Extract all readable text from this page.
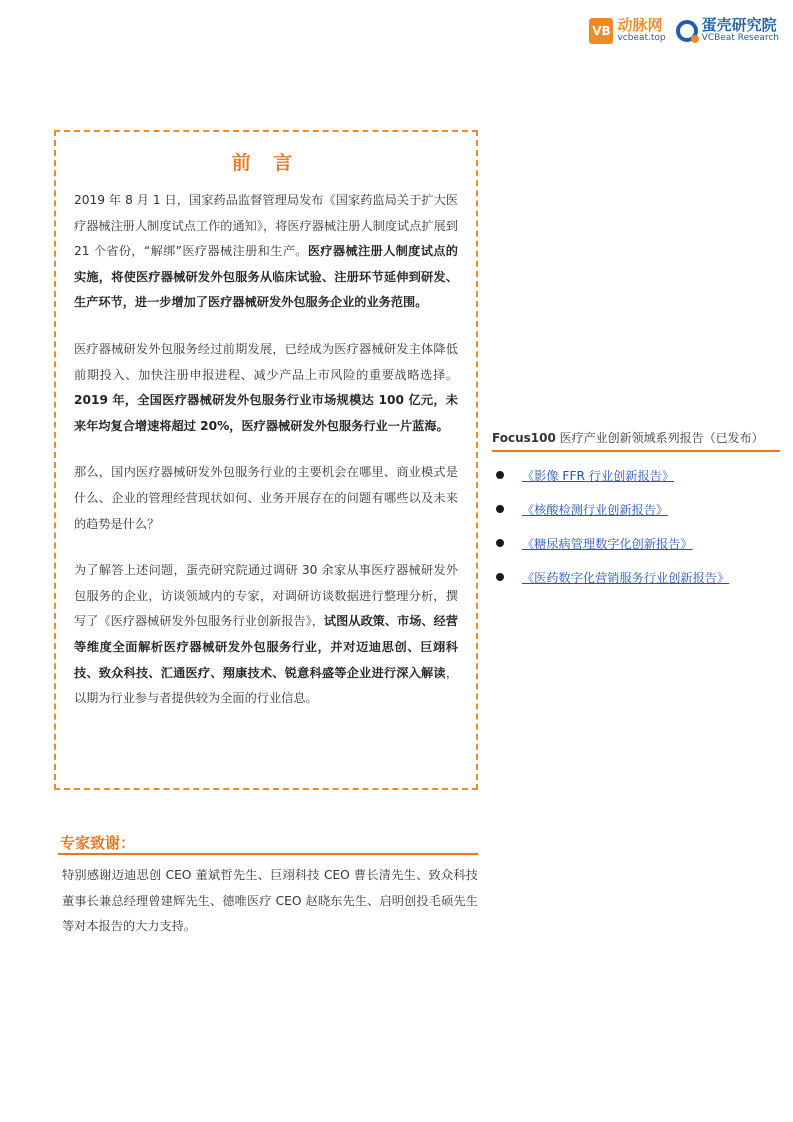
VB 动脉网
vcbeat.top
蛋壳研究院
VCBeat Research
前 言

2019 年 8 月 1 日，国家药品监督管理局发布《国家药监局关于扩大医疗器械注册人制度试点工作的通知》，将医疗器械注册人制度试点扩展到 21 个省份，“解绑”医疗器械注册和生产。医疗器械注册人制度试点的实施，将使医疗器械研发外包服务从临床试验、注册环节延伸到研发、生产环节，进一步增加了医疗器械研发外包服务企业的业务范围。

医疗器械研发外包服务经过前期发展，已经成为医疗器械研发主体降低前期投入、加快注册申报进程、减少产品上市风险的重要战略选择。2019 年，全国医疗器械研发外包服务行业市场规模达 100 亿元，未来年均复合增速将超过 20%，医疗器械研发外包服务行业一片蓝海。

那么，国内医疗器械研发外包服务行业的主要机会在哪里、商业模式是什么、企业的管理经营现状如何、业务开展存在的问题有哪些以及未来的趋势是什么？

为了解答上述问题，蛋壳研究院通过调研 30 余家从事医疗器械研发外包服务的企业，访谈领域内的专家，对调研访谈数据进行整理分析，撰写了《医疗器械研发外包服务行业创新报告》，试图从政策、市场、经营等维度全面解析医疗器械研发外包服务行业，并对迈迪思创、巨翊科技、致众科技、汇通医疗、翔康技术、锐意科盛等企业进行深入解读，以期为行业参与者提供较为全面的行业信息。

专家致谢：
特别感谢迈迪思创 CEO 董斌哲先生、巨翊科技 CEO 曹长清先生、致众科技董事长兼总经理曾建辉先生、德唯医疗 CEO 赵晓东先生、启明创投毛硕先生等对本报告的大力支持。
Focus100 医疗产业创新领域系列报告（已发布）
《影像 FFR 行业创新报告》
《核酸检测行业创新报告》
《糖尿病管理数字化创新报告》
《医药数字化营销服务行业创新报告》
